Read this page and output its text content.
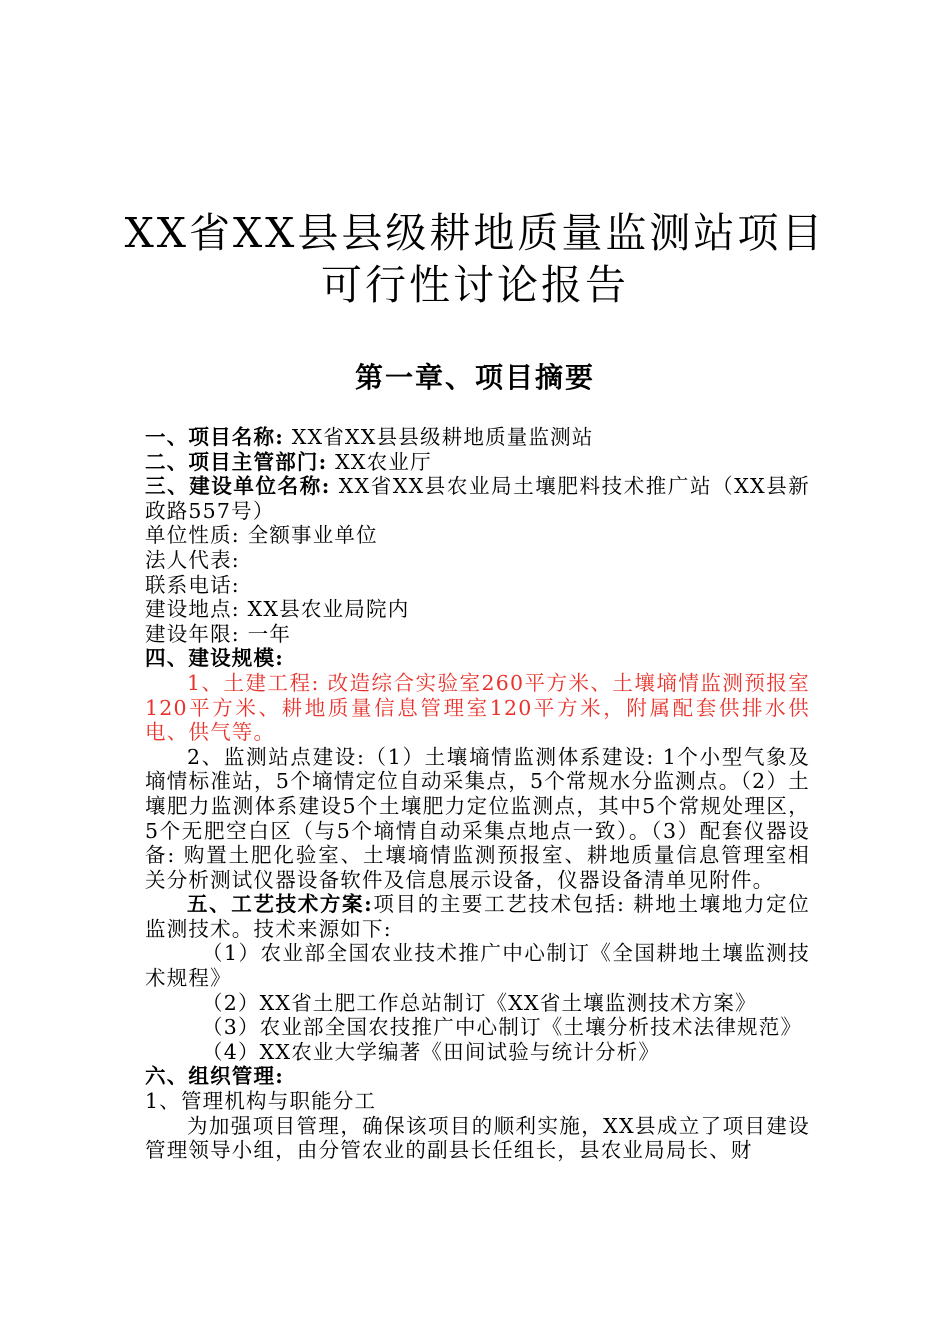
XX省XX县县级耕地质量监测站项目
可行性讨论报告
第一章、项目摘要

一、项目名称: XX省XX县县级耕地质量监测站

二、项目主管部门: XX农业厅

三、建设单位名称: XX省XX县农业局土壤肥料技术推广站（XX县新政路557号）

单位性质: 全额事业单位

法人代表:

联系电话:

建设地点: XX县农业局院内

建设年限: 一年

四、建设规模:

1、土建工程: 改造综合实验室260平方米、土壤墒情监测预报室120平方米、耕地质量信息管理室120平方米，附属配套供排水供电、供气等。

2、监测站点建设:（1）土壤墒情监测体系建设: 1个小型气象及墒情标准站，5个墒情定位自动采集点，5个常规水分监测点。（2）土壤肥力监测体系建设5个土壤肥力定位监测点，其中5个常规处理区，5个无肥空白区（与5个墒情自动采集点地点一致）。（3）配套仪器设备: 购置土肥化验室、土壤墒情监测预报室、耕地质量信息管理室相关分析测试仪器设备软件及信息展示设备，仪器设备清单见附件。

五、工艺技术方案:项目的主要工艺技术包括: 耕地土壤地力定位监测技术。技术来源如下:

（1）农业部全国农业技术推广中心制订《全国耕地土壤监测技术规程》

（2）XX省土肥工作总站制订《XX省土壤监测技术方案》

（3）农业部全国农技推广中心制订《土壤分析技术法律规范》

（4）XX农业大学编著《田间试验与统计分析》

六、组织管理:

1、管理机构与职能分工

为加强项目管理，确保该项目的顺利实施，XX县成立了项目建设管理领导小组，由分管农业的副县长任组长，县农业局局长、财
